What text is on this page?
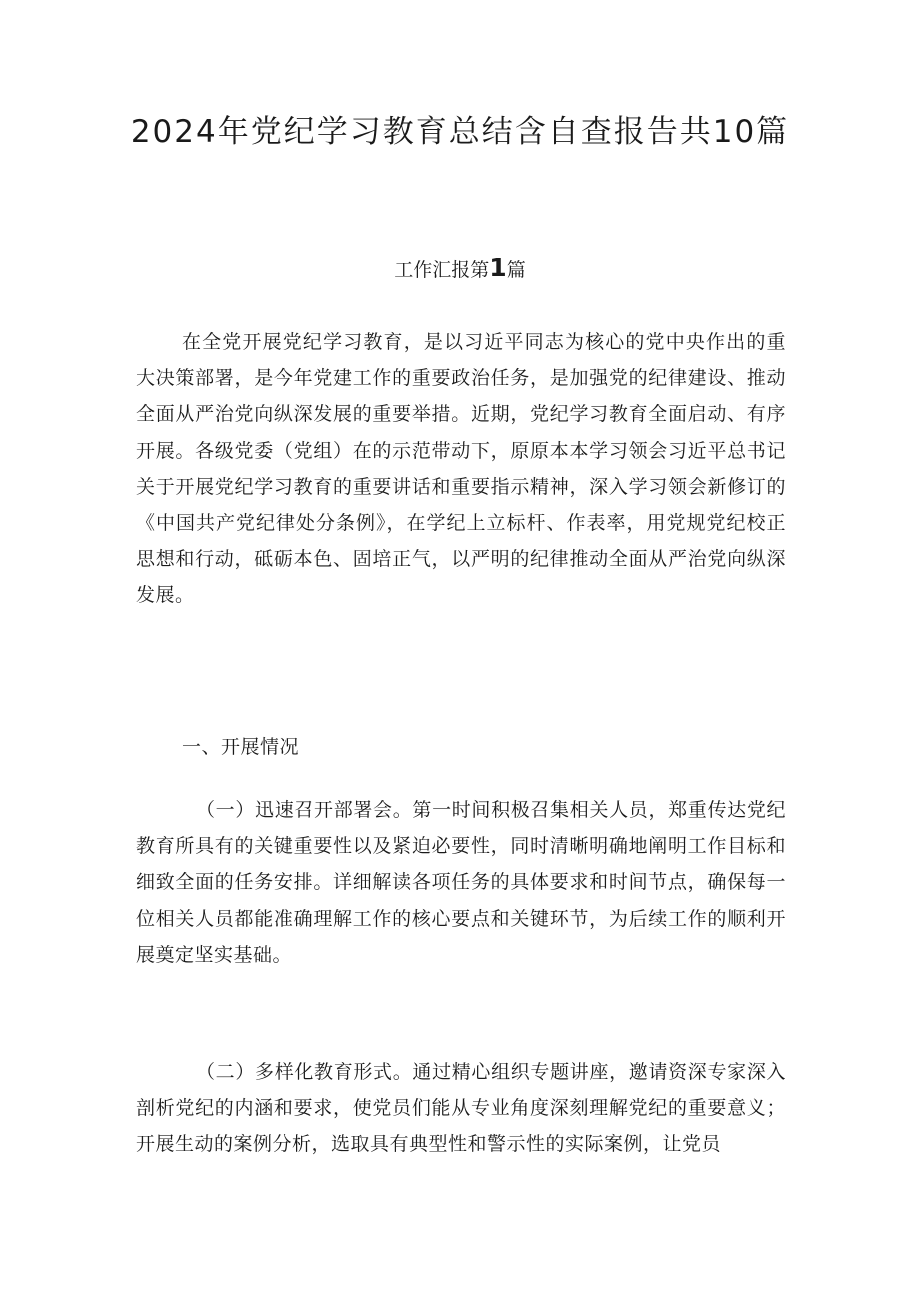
2024年党纪学习教育总结含自查报告共10篇

工作汇报第1篇

在全党开展党纪学习教育，是以习近平同志为核心的党中央作出的重大决策部署，是今年党建工作的重要政治任务，是加强党的纪律建设、推动全面从严治党向纵深发展的重要举措。近期，党纪学习教育全面启动、有序开展。各级党委（党组）在的示范带动下，原原本本学习领会习近平总书记关于开展党纪学习教育的重要讲话和重要指示精神，深入学习领会新修订的《中国共产党纪律处分条例》，在学纪上立标杆、作表率，用党规党纪校正思想和行动，砥砺本色、固培正气，以严明的纪律推动全面从严治党向纵深发展。

一、开展情况

（一）迅速召开部署会。第一时间积极召集相关人员，郑重传达党纪教育所具有的关键重要性以及紧迫必要性，同时清晰明确地阐明工作目标和细致全面的任务安排。详细解读各项任务的具体要求和时间节点，确保每一位相关人员都能准确理解工作的核心要点和关键环节，为后续工作的顺利开展奠定坚实基础。

（二）多样化教育形式。通过精心组织专题讲座，邀请资深专家深入剖析党纪的内涵和要求，使党员们能从专业角度深刻理解党纪的重要意义；开展生动的案例分析，选取具有典型性和警示性的实际案例，让党员
